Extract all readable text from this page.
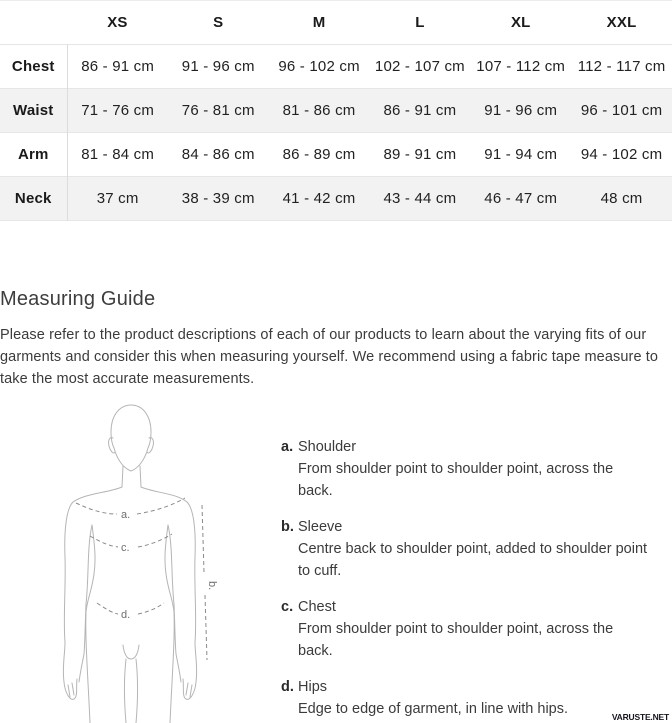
	XS	S	M	L	XL	XXL
Chest	86 - 91 cm	91 - 96 cm	96 - 102 cm	102 - 107 cm	107 - 112 cm	112 - 117 cm
Waist	71 - 76 cm	76 - 81 cm	81 - 86 cm	86 - 91 cm	91 - 96 cm	96 - 101 cm
Arm	81 - 84 cm	84 - 86 cm	86 - 89 cm	89 - 91 cm	91 - 94 cm	94 - 102 cm
Neck	37 cm	38 - 39 cm	41 - 42 cm	43 - 44 cm	46 - 47 cm	48 cm
Measuring Guide

Please refer to the product descriptions of each of our products to learn about the varying fits of our garments and consider this when measuring yourself. We recommend using a fabric tape measure to take the most accurate measurements.

a.
c.
d.
b.
a. Shoulder
From shoulder point to shoulder point, across the back.
b. Sleeve
Centre back to shoulder point, added to shoulder point to cuff.
c. Chest
From shoulder point to shoulder point, across the back.
d. Hips
Edge to edge of garment, in line with hips.	VARUSTE.NET
